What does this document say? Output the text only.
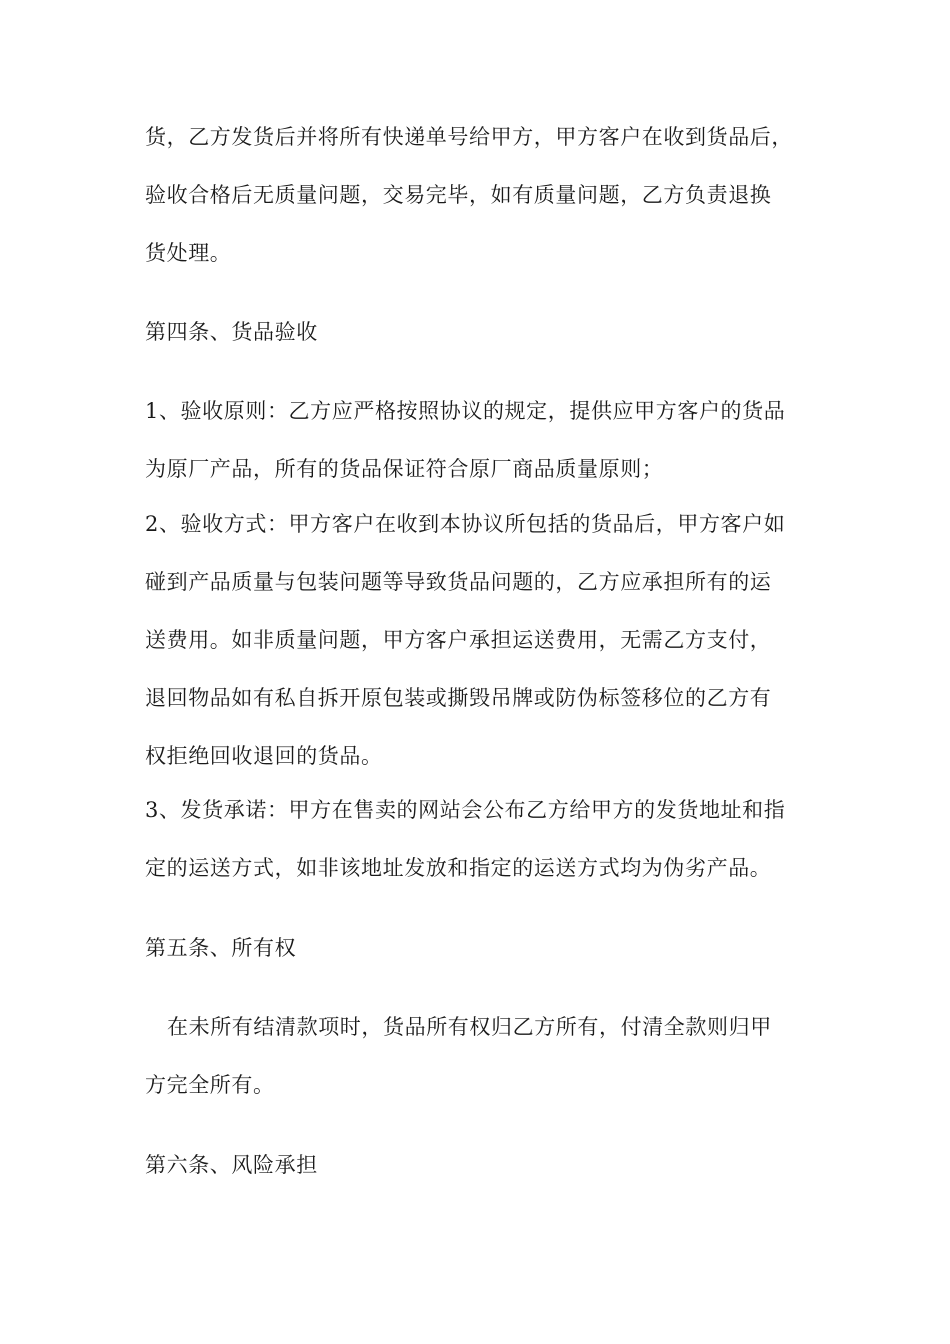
货，乙方发货后并将所有快递单号给甲方，甲方客户在收到货品后，
验收合格后无质量问题，交易完毕，如有质量问题，乙方负责退换
货处理。
第四条、货品验收
1、验收原则：乙方应严格按照协议的规定，提供应甲方客户的货品
为原厂产品，所有的货品保证符合原厂商品质量原则；
2、验收方式：甲方客户在收到本协议所包括的货品后，甲方客户如
碰到产品质量与包装问题等导致货品问题的，乙方应承担所有的运
送费用。如非质量问题，甲方客户承担运送费用，无需乙方支付，
退回物品如有私自拆开原包装或撕毁吊牌或防伪标签移位的乙方有
权拒绝回收退回的货品。
3、发货承诺：甲方在售卖的网站会公布乙方给甲方的发货地址和指
定的运送方式，如非该地址发放和指定的运送方式均为伪劣产品。
第五条、所有权
在未所有结清款项时，货品所有权归乙方所有，付清全款则归甲
方完全所有。
第六条、风险承担
